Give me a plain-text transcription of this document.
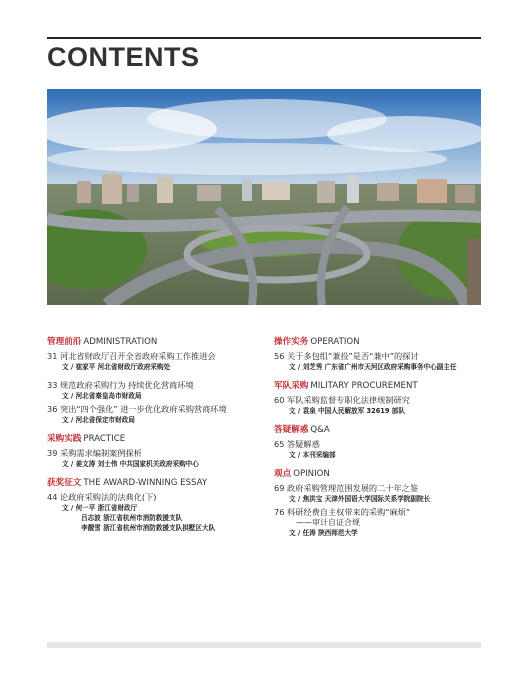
CONTENTS
管理前沿 ADMINISTRATION
31 河北省财政厅召开全省政府采购工作推进会
文 / 崔家平 河北省财政厅政府采购处
33 规范政府采购行为 持续优化营商环境
文 / 河北省秦皇岛市财政局
36 突出“四个强化” 进一步优化政府采购营商环境
文 / 河北省保定市财政局
采购实践 PRACTICE
39 采购需求编制案例探析
文 / 姜文涛 刘士伟 中共国家机关政府采购中心
获奖征文 THE AWARD-WINNING ESSAY
44 论政府采购法的法典化(下)
文 / 何一平 浙江省财政厅
吕志波 浙江省杭州市消防救援支队
李靓雪 浙江省杭州市消防救援支队拱墅区大队
操作实务 OPERATION
56 关于多包组“兼投”是否“兼中”的探讨
文 / 刘芝秀 广东省广州市天河区政府采购事务中心副主任
军队采购 MILITARY PROCUREMENT
60 军队采购监督专职化法律规制研究
文 / 袁泉 中国人民解放军 32619 部队
答疑解惑 Q&A
65 答疑解惑
文 / 本刊采编部
观点 OPINION
69 政府采购管理范围发展的二十年之鉴
文 / 焦洪宝 天津外国语大学国际关系学院副院长
76 科研经费自主权带来的采购“麻烦”
——审计自证合规
文 / 任涛 陕西师范大学
